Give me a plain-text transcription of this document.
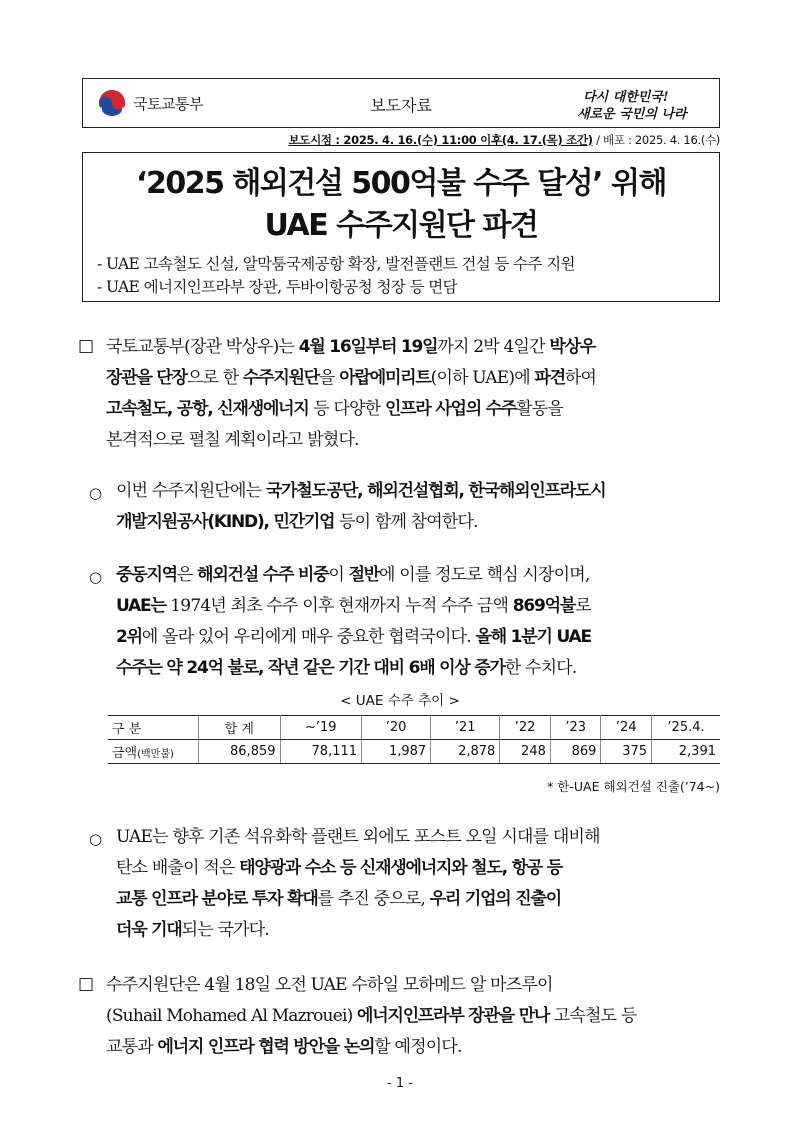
국토교통부	보도자료	다시 대한민국!
새로운 국민의 나라
보도시점 : 2025. 4. 16.(수) 11:00 이후(4. 17.(목) 조간) / 배포 : 2025. 4. 16.(수)
‘2025 해외건설 500억불 수주 달성’ 위해
UAE 수주지원단 파견
- UAE 고속철도 신설, 알막툼국제공항 확장, 발전플랜트 건설 등 수주 지원
- UAE 에너지인프라부 장관, 두바이항공청 청장 등 면담
□ 국토교통부(장관 박상우)는 4월 16일부터 19일까지 2박 4일간 박상우
장관을 단장으로 한 수주지원단을 아랍에미리트(이하 UAE)에 파견하여
고속철도, 공항, 신재생에너지 등 다양한 인프라 사업의 수주활동을
본격적으로 펼칠 계획이라고 밝혔다.
○ 이번 수주지원단에는 국가철도공단, 해외건설협회, 한국해외인프라도시
개발지원공사(KIND), 민간기업 등이 함께 참여한다.
○ 중동지역은 해외건설 수주 비중이 절반에 이를 정도로 핵심 시장이며,
UAE는 1974년 최초 수주 이후 현재까지 누적 수주 금액 869억불로
2위에 올라 있어 우리에게 매우 중요한 협력국이다. 올해 1분기 UAE
수주는 약 24억 불로, 작년 같은 기간 대비 6배 이상 증가한 수치다.
< UAE 수주 추이 >
구 분	합 계	~’19	’20	’21	’22	’23	’24	’25.4.
금액(백만불)	86,859	78,111	1,987	2,878	248	869	375	2,391
* 한-UAE 해외건설 진출(’74~)
○ UAE는 향후 기존 석유화학 플랜트 외에도 포스트 오일 시대를 대비해
탄소 배출이 적은 태양광과 수소 등 신재생에너지와 철도, 항공 등
교통 인프라 분야로 투자 확대를 추진 중으로, 우리 기업의 진출이
더욱 기대되는 국가다.
□ 수주지원단은 4월 18일 오전 UAE 수하일 모하메드 알 마즈루이
(Suhail Mohamed Al Mazrouei) 에너지인프라부 장관을 만나 고속철도 등
교통과 에너지 인프라 협력 방안을 논의할 예정이다.
- 1 -
